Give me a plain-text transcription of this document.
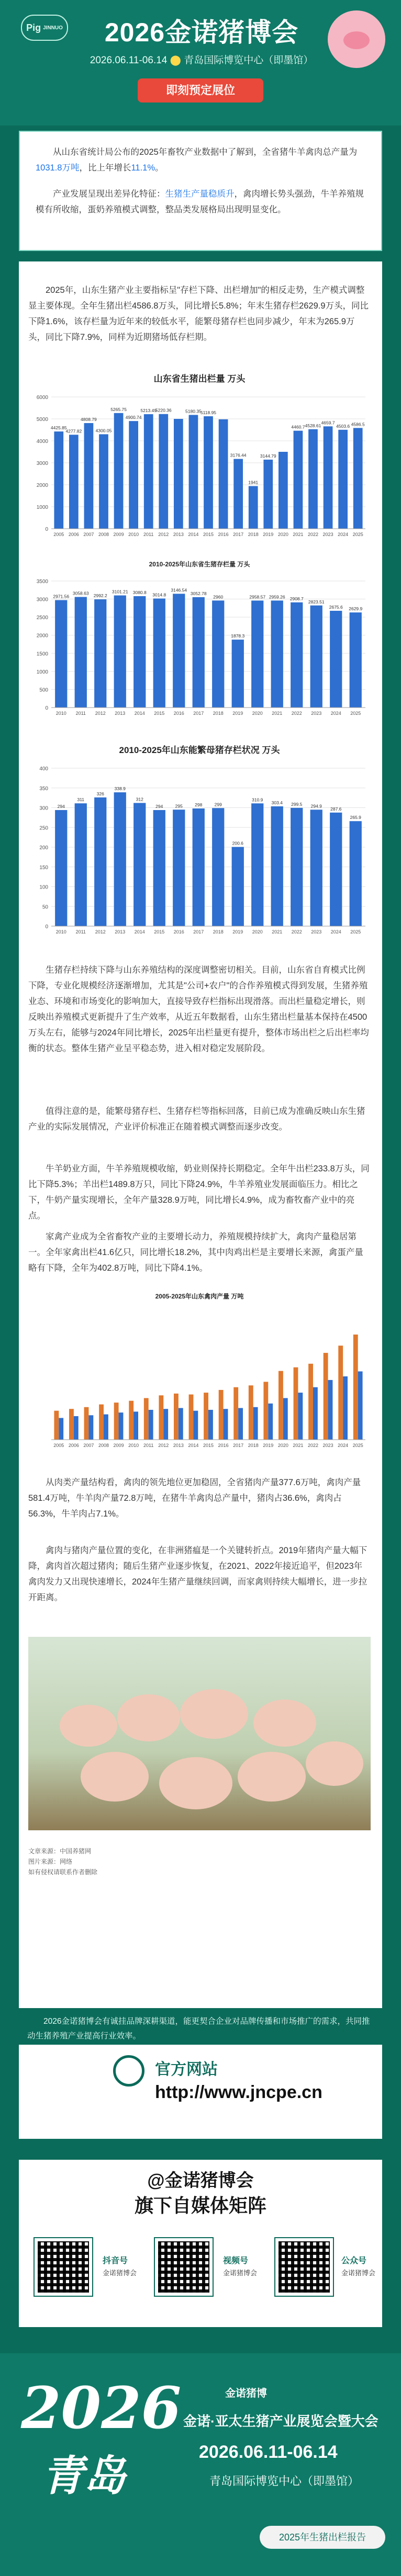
Pig JINNUO	2026金诺猪博会
2026.06.11-06.14 ⬤ 青岛国际博览中心（即墨馆）
即刻预定展位

从山东省统计局公布的2025年畜牧产业数据中了解到，全省猪牛羊禽肉总产量为1031.8万吨，比上年增长11.1%。

产业发展呈现出差异化特征：生猪生产量稳质升，禽肉增长势头强劲，牛羊养殖规模有所收缩，蛋奶养殖模式调整，整品类发展格局出现明显变化。

2025年，山东生猪产业主要指标呈"存栏下降、出栏增加"的相反走势，生产模式调整显主要体现。全年生猪出栏4586.8万头，同比增长5.8%；年末生猪存栏2629.9万头，同比下降1.6%，该存栏量为近年来的较低水平，能繁母猪存栏也同步减少，年末为265.9万头，同比下降7.9%，同样为近期猪场低存栏期。

山东省生猪出栏量 万头
0
1000
2000
3000
4000
5000
6000
4425.85
2005
4277.82
2006
4808.79
2007
4300.05
2008
5265.75
2009
4900.74
2010
5213.49
2011
5220.36
2012 2013
5180.35
2014
5118.95
2015 2016
3176.44
2017
1941
2018
3144.79
2019 2020
4460.7
2021
4528.61
2022
4659.7
2023
4503.6
2024
4586.5
2025
2010-2025年山东省生猪存栏量 万头
0
500
1000
1500
2000
2500
3000
3500
2971.56
2010
3058.63
2011
2992.2
2012
3101.21
2013
3080.8
2014
3014.8
2015
3146.54
2016
3052.78
2017
2960
2018
1878.3
2019
2958.57
2020
2959.26
2021
2908.7
2022
2823.51
2023
2675.6
2024
2629.9
2025
2010-2025年山东能繁母猪存栏状况 万头
0
50
100
150
200
250
300
350
400
294
2010
311
2011
326
2012
338.9
2013
312
2014
294
2015
295
2016
298
2017
299
2018
200.6
2019
310.9
2020
303.4
2021
299.5
2022
294.9
2023
287.6
2024
265.9
2025

生猪存栏持续下降与山东养殖结构的深度调整密切相关。目前，山东省自育模式比例下降，专业化规模经济逐渐增加，尤其是"公司+农户"的合作养殖模式得到发展，生猪养殖业态、环境和市场变化的影响加大，直接导致存栏指标出现滑落。而出栏量稳定增长，则反映出养殖模式更新提升了生产效率，从近五年数据看，山东生猪出栏量基本保持在4500万头左右，能够与2024年同比增长，2025年出栏量更有提升，整体市场出栏之后出栏率均衡的状态。整体生猪产业呈平稳态势，进入相对稳定发展阶段。

值得注意的是，能繁母猪存栏、生猪存栏等指标回落，目前已成为准确反映山东生猪产业的实际发展情况，产业评价标准正在随着模式调整而逐步改变。

牛羊奶业方面，牛羊养殖规模收缩，奶业则保持长期稳定。全年牛出栏233.8万头，同比下降5.3%；羊出栏1489.8万只，同比下降24.9%，牛羊养殖业发展面临压力。相比之下，牛奶产量实现增长，全年产量328.9万吨，同比增长4.9%，成为畜牧畜产业中的亮点。

家禽产业成为全省畜牧产业的主要增长动力，养殖规模持续扩大，禽肉产量稳居第一。全年家禽出栏41.6亿只，同比增长18.2%，其中肉鸡出栏是主要增长来源，禽蛋产量略有下降，全年为402.8万吨，同比下降4.1%。

2005-2025年山东禽肉产量 万吨
2005 2006 2007 2008 2009 2010 2011 2012 2013 2014 2015 2016 2017 2018 2019 2020 2021 2022 2023 2024 2025

从肉类产量结构看，禽肉的领先地位更加稳固，全省猪肉产量377.6万吨，禽肉产量581.4万吨，牛羊肉产量72.8万吨，在猪牛羊禽肉总产量中，猪肉占36.6%，禽肉占56.3%，牛羊肉占7.1%。

禽肉与猪肉产量位置的变化，在非洲猪瘟是一个关键转折点。2019年猪肉产量大幅下降，禽肉首次超过猪肉；随后生猪产业逐步恢复，在2021、2022年接近追平，但2023年禽肉发力又出现快速增长，2024年生猪产量继续回调，而家禽则持续大幅增长，进一步拉开距离。

文章来源：中国养猪网
图片来源：网络
如有侵权请联系作者删除

2026金诺猪博会有诚挂品牌深耕渠道，能更契合企业对品牌传播和市场推广的需求，共同推动生猪养殖产业提高行业效率。

官方网站
http://www.jncpe.cn
@金诺猪博会
旗下自媒体矩阵
抖音号
金诺猪博会
视频号
金诺猪博会
公众号
金诺猪博会
2026
青岛
金诺猪博
金诺·亚太生猪产业展览会暨大会
2026.06.11-06.14
青岛国际博览中心（即墨馆）
2025年生猪出栏报告
